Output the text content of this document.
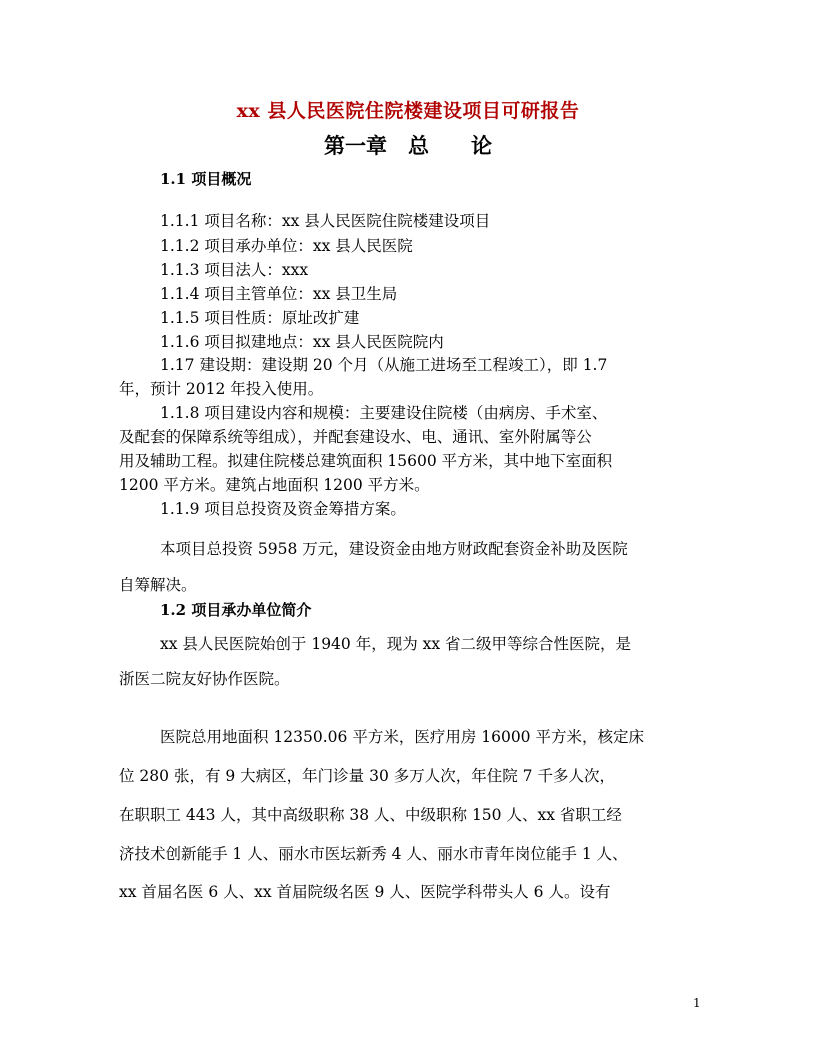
xx 县人民医院住院楼建设项目可研报告
第一章　总　　论
1.1 项目概况
1.1.1 项目名称：xx 县人民医院住院楼建设项目
1.1.2 项目承办单位：xx 县人民医院
1.1.3 项目法人：xxx
1.1.4 项目主管单位：xx 县卫生局
1.1.5 项目性质：原址改扩建
1.1.6 项目拟建地点：xx 县人民医院院内
1.17 建设期：建设期 20 个月（从施工进场至工程竣工），即 1.7
年，预计 2012 年投入使用。
1.1.8 项目建设内容和规模：主要建设住院楼（由病房、手术室、
及配套的保障系统等组成），并配套建设水、电、通讯、室外附属等公
用及辅助工程。拟建住院楼总建筑面积 15600 平方米，其中地下室面积
1200 平方米。建筑占地面积 1200 平方米。
1.1.9 项目总投资及资金筹措方案。
本项目总投资 5958 万元，建设资金由地方财政配套资金补助及医院
自筹解决。
1.2 项目承办单位简介
xx 县人民医院始创于 1940 年，现为 xx 省二级甲等综合性医院，是
浙医二院友好协作医院。
医院总用地面积 12350.06 平方米，医疗用房 16000 平方米，核定床
位 280 张，有 9 大病区，年门诊量 30 多万人次，年住院 7 千多人次，
在职职工 443 人，其中高级职称 38 人、中级职称 150 人、xx 省职工经
济技术创新能手 1 人、丽水市医坛新秀 4 人、丽水市青年岗位能手 1 人、
xx 首届名医 6 人、xx 首届院级名医 9 人、医院学科带头人 6 人。设有
1
